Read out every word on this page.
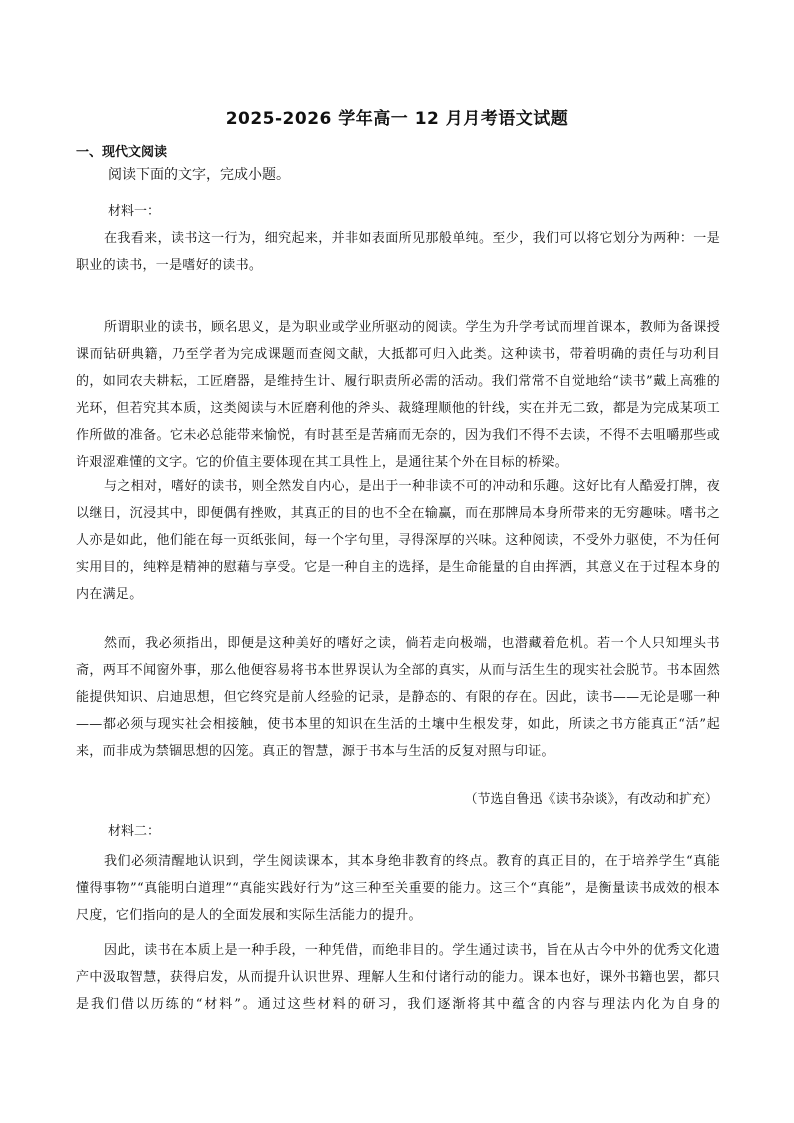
2025-2026 学年高一 12 月月考语文试题

一、现代文阅读

阅读下面的文字，完成小题。

材料一：

在我看来，读书这一行为，细究起来，并非如表面所见那般单纯。至少，我们可以将它划分为两种：一是职业的读书，一是嗜好的读书。

所谓职业的读书，顾名思义，是为职业或学业所驱动的阅读。学生为升学考试而埋首课本，教师为备课授课而钻研典籍，乃至学者为完成课题而查阅文献，大抵都可归入此类。这种读书，带着明确的责任与功利目的，如同农夫耕耘，工匠磨器，是维持生计、履行职责所必需的活动。我们常常不自觉地给“读书”戴上高雅的光环，但若究其本质，这类阅读与木匠磨利他的斧头、裁缝理顺他的针线，实在并无二致，都是为完成某项工作所做的准备。它未必总能带来愉悦，有时甚至是苦痛而无奈的，因为我们不得不去读，不得不去咀嚼那些或许艰涩难懂的文字。它的价值主要体现在其工具性上，是通往某个外在目标的桥梁。

与之相对，嗜好的读书，则全然发自内心，是出于一种非读不可的冲动和乐趣。这好比有人酷爱打牌，夜以继日，沉浸其中，即便偶有挫败，其真正的目的也不全在输赢，而在那牌局本身所带来的无穷趣味。嗜书之人亦是如此，他们能在每一页纸张间，每一个字句里，寻得深厚的兴味。这种阅读，不受外力驱使，不为任何实用目的，纯粹是精神的慰藉与享受。它是一种自主的选择，是生命能量的自由挥洒，其意义在于过程本身的内在满足。

然而，我必须指出，即便是这种美好的嗜好之读，倘若走向极端，也潜藏着危机。若一个人只知埋头书斋，两耳不闻窗外事，那么他便容易将书本世界误认为全部的真实，从而与活生生的现实社会脱节。书本固然能提供知识、启迪思想，但它终究是前人经验的记录，是静态的、有限的存在。因此，读书——无论是哪一种——都必须与现实社会相接触，使书本里的知识在生活的土壤中生根发芽，如此，所读之书方能真正“活”起来，而非成为禁锢思想的囚笼。真正的智慧，源于书本与生活的反复对照与印证。

（节选自鲁迅《读书杂谈》，有改动和扩充）

材料二：

我们必须清醒地认识到，学生阅读课本，其本身绝非教育的终点。教育的真正目的，在于培养学生“真能懂得事物”“真能明白道理”“真能实践好行为”这三种至关重要的能力。这三个“真能”，是衡量读书成效的根本尺度，它们指向的是人的全面发展和实际生活能力的提升。

因此，读书在本质上是一种手段，一种凭借，而绝非目的。学生通过读书，旨在从古今中外的优秀文化遗产中汲取智慧，获得启发，从而提升认识世界、理解人生和付诸行动的能力。课本也好，课外书籍也罢，都只是我们借以历练的“材料”。通过这些材料的研习，我们逐渐将其中蕴含的内容与理法内化为自身的
